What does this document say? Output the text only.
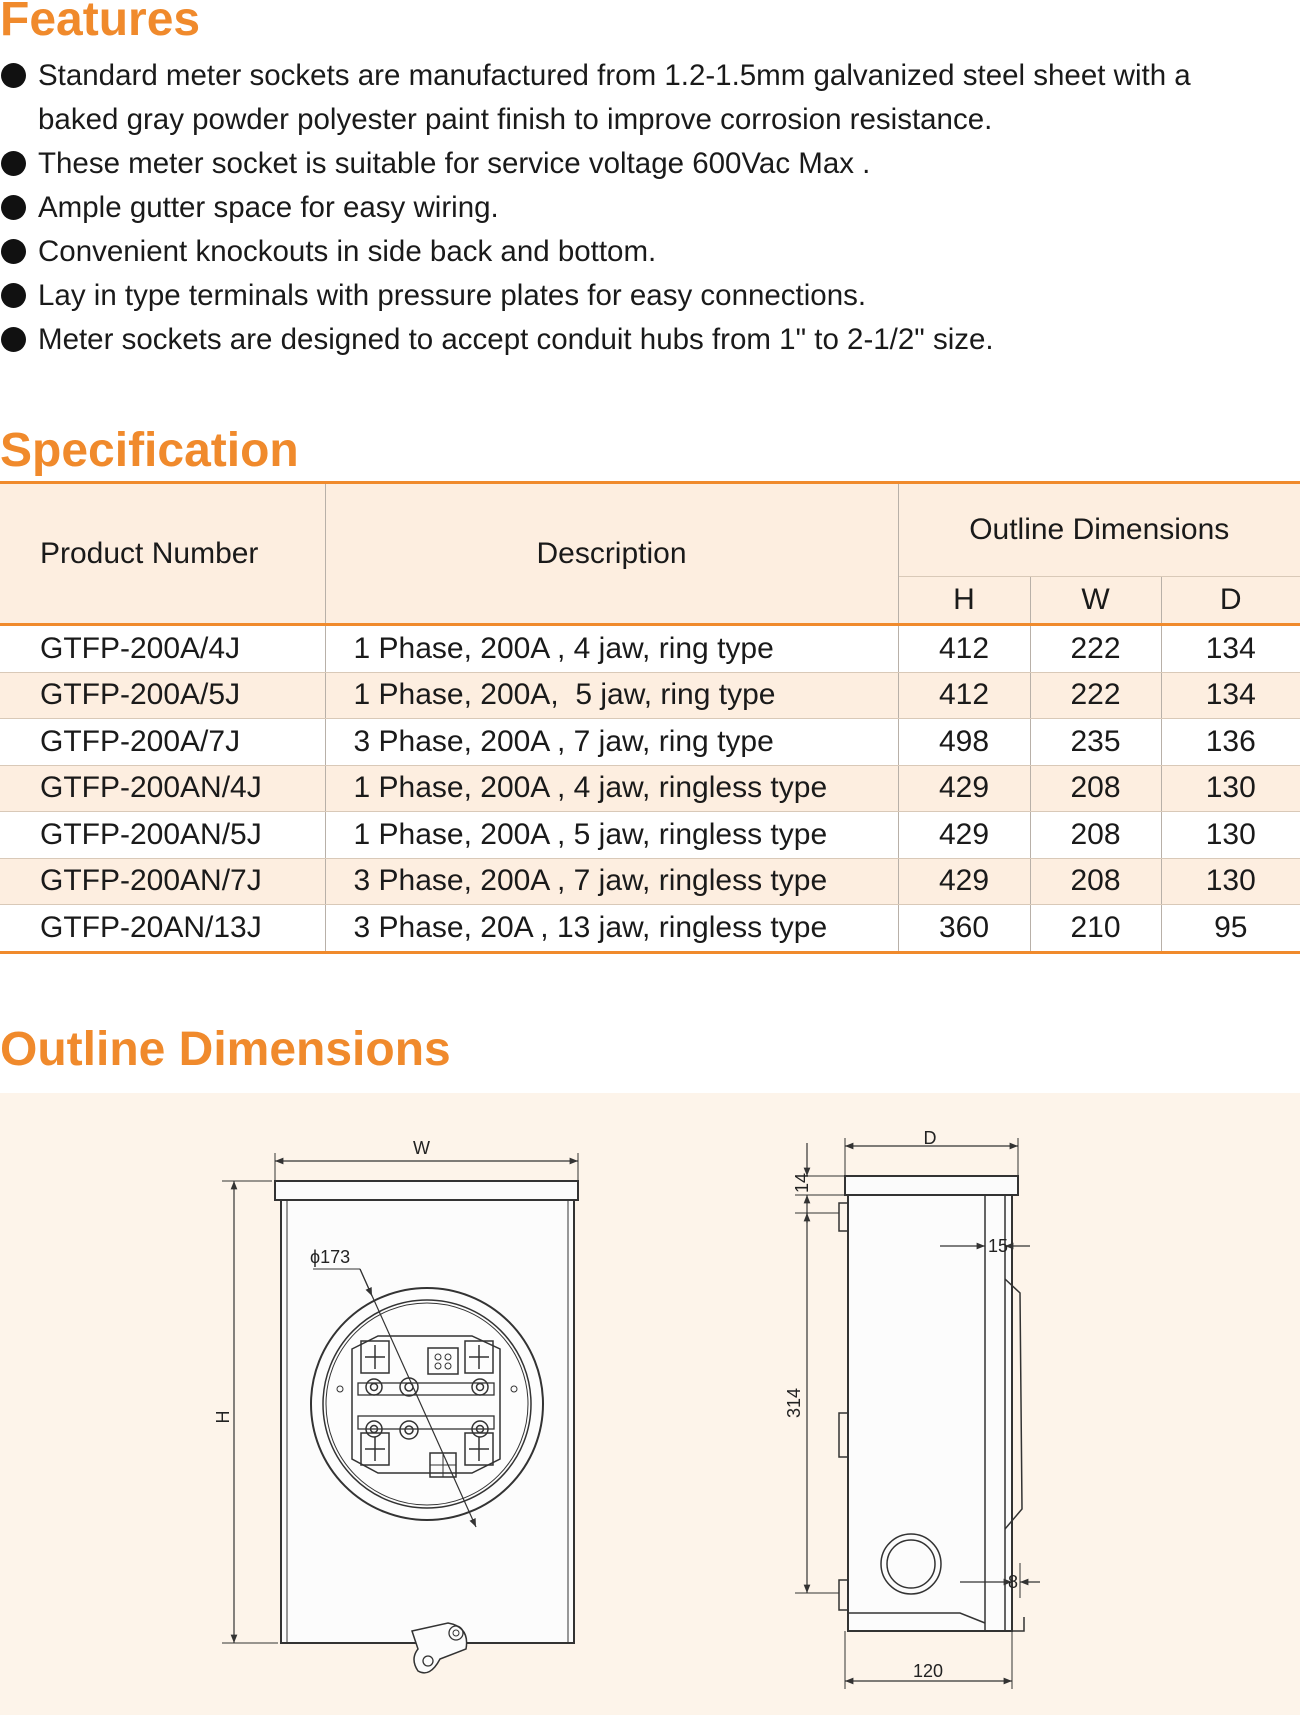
Features
Standard meter sockets are manufactured from 1.2-1.5mm galvanized steel sheet with a
baked gray powder polyester paint finish to improve corrosion resistance.
These meter socket is suitable for service voltage 600Vac Max .
Ample gutter space for easy wiring.
Convenient knockouts in side back and bottom.
Lay in type terminals with pressure plates for easy connections.
Meter sockets are designed to accept conduit hubs from 1" to 2-1/2" size.
Specification
Product Number	Description	Outline Dimensions		
		H	W	D
GTFP-200A/4J	1 Phase, 200A , 4 jaw, ring type	412	222	134
GTFP-200A/5J	1 Phase, 200A,  5 jaw, ring type	412	222	134
GTFP-200A/7J	3 Phase, 200A , 7 jaw, ring type	498	235	136
GTFP-200AN/4J	1 Phase, 200A , 4 jaw, ringless type	429	208	130
GTFP-200AN/5J	1 Phase, 200A , 5 jaw, ringless type	429	208	130
GTFP-200AN/7J	3 Phase, 200A , 7 jaw, ringless type	429	208	130
GTFP-20AN/13J	3 Phase, 20A , 13 jaw, ringless type	360	210	95
Outline Dimensions
W
H
ϕ173
D
14
15
314
8
120
